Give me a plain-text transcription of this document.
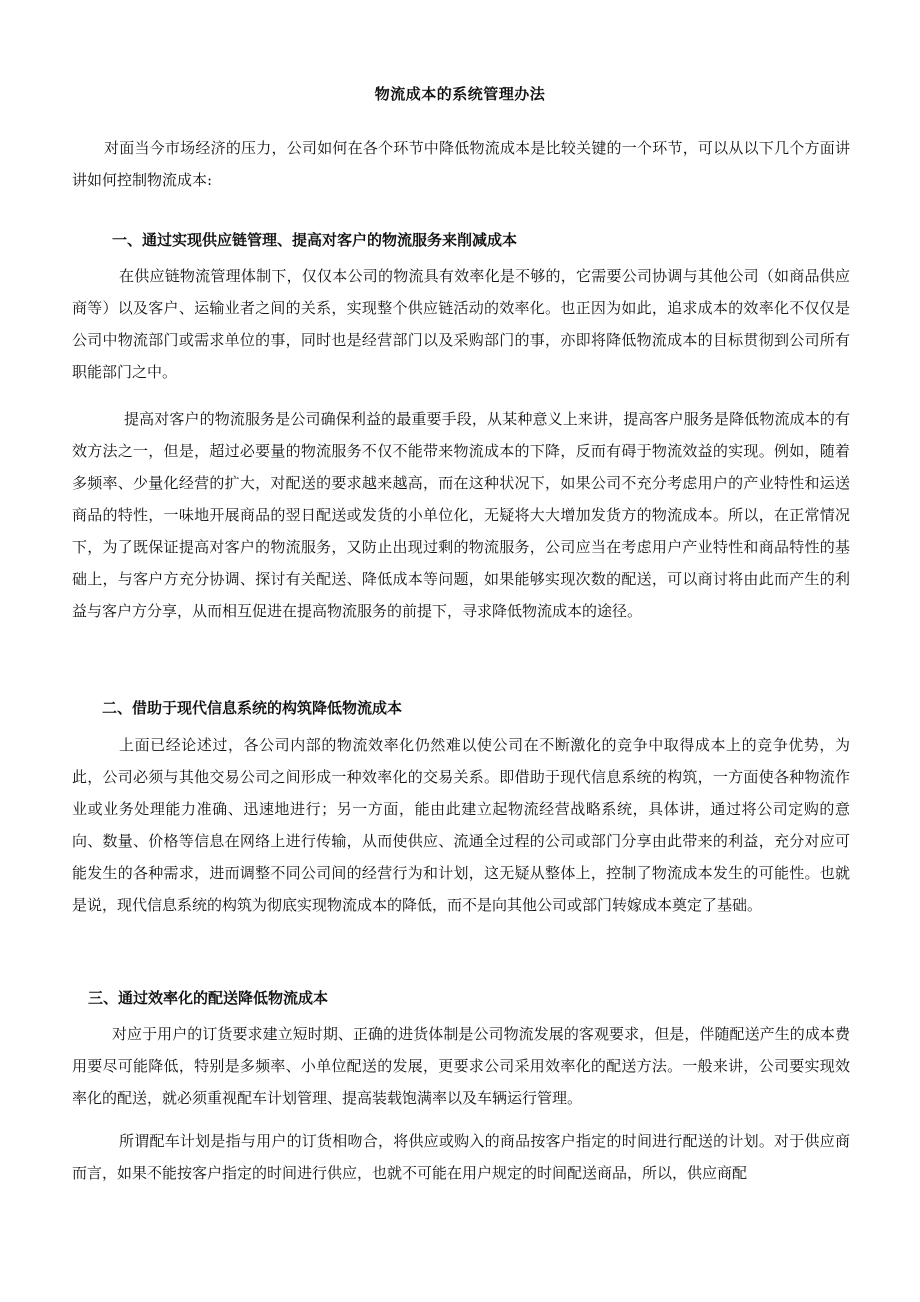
物流成本的系统管理办法

对面当今市场经济的压力，公司如何在各个环节中降低物流成本是比较关键的一个环节，可以从以下几个方面讲讲如何控制物流成本:

一、通过实现供应链管理、提高对客户的物流服务来削减成本

在供应链物流管理体制下，仅仅本公司的物流具有效率化是不够的，它需要公司协调与其他公司（如商品供应商等）以及客户、运输业者之间的关系，实现整个供应链活动的效率化。也正因为如此，追求成本的效率化不仅仅是公司中物流部门或需求单位的事，同时也是经营部门以及采购部门的事，亦即将降低物流成本的目标贯彻到公司所有职能部门之中。

提高对客户的物流服务是公司确保利益的最重要手段，从某种意义上来讲，提高客户服务是降低物流成本的有效方法之一，但是，超过必要量的物流服务不仅不能带来物流成本的下降，反而有碍于物流效益的实现。例如，随着多频率、少量化经营的扩大，对配送的要求越来越高，而在这种状况下，如果公司不充分考虑用户的产业特性和运送商品的特性，一味地开展商品的翌日配送或发货的小单位化，无疑将大大增加发货方的物流成本。所以，在正常情况下，为了既保证提高对客户的物流服务，又防止出现过剩的物流服务，公司应当在考虑用户产业特性和商品特性的基础上，与客户方充分协调、探讨有关配送、降低成本等问题，如果能够实现次数的配送，可以商讨将由此而产生的利益与客户方分享，从而相互促进在提高物流服务的前提下，寻求降低物流成本的途径。

二、借助于现代信息系统的构筑降低物流成本

上面已经论述过，各公司内部的物流效率化仍然难以使公司在不断激化的竞争中取得成本上的竞争优势，为此，公司必须与其他交易公司之间形成一种效率化的交易关系。即借助于现代信息系统的构筑，一方面使各种物流作业或业务处理能力准确、迅速地进行；另一方面，能由此建立起物流经营战略系统，具体讲，通过将公司定购的意向、数量、价格等信息在网络上进行传输，从而使供应、流通全过程的公司或部门分享由此带来的利益，充分对应可能发生的各种需求，进而调整不同公司间的经营行为和计划，这无疑从整体上，控制了物流成本发生的可能性。也就是说，现代信息系统的构筑为彻底实现物流成本的降低，而不是向其他公司或部门转嫁成本奠定了基础。

三、通过效率化的配送降低物流成本

对应于用户的订货要求建立短时期、正确的进货体制是公司物流发展的客观要求，但是，伴随配送产生的成本费用要尽可能降低，特别是多频率、小单位配送的发展，更要求公司采用效率化的配送方法。一般来讲，公司要实现效率化的配送，就必须重视配车计划管理、提高装载饱满率以及车辆运行管理。

所谓配车计划是指与用户的订货相吻合，将供应或购入的商品按客户指定的时间进行配送的计划。对于供应商而言，如果不能按客户指定的时间进行供应，也就不可能在用户规定的时间配送商品，所以，供应商配
